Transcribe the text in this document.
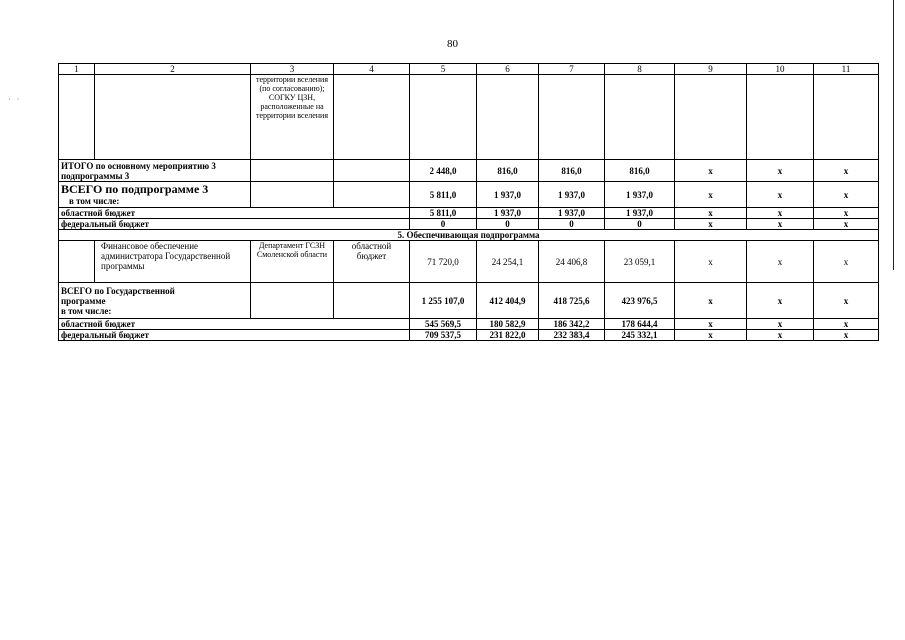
80
· ·
1	2	3	4	5	6	7	8	9	10	11
		территории вселения (по согласованию); СОГКУ ЦЗН, расположенные на территории вселения								
ИТОГО по основному мероприятию 3 подпрограммы 3				2 448,0	816,0	816,0	816,0	х	х	х

ВСЕГО по подпрограмме 3
в том числе:				5 811,0	1 937,0	1 937,0	1 937,0	х	х	х
областной бюджет				5 811,0	1 937,0	1 937,0	1 937,0	х	х	х
федеральный бюджет				0	0	0	0	х	х	х
5. Обеспечивающая подпрограмма										
	Финансовое обеспечение администратора Государственной программы	Департамент ГСЗН Смоленской области	областной бюджет	71 720,0	24 254,1	24 406,8	23 059,1	х	х	х

ВСЕГО по Государственной программе
в том числе:				1 255 107,0	412 404,9	418 725,6	423 976,5	х	х	х
областной бюджет				545 569,5	180 582,9	186 342,2	178 644,4	х	х	х
федеральный бюджет				709 537,5	231 822,0	232 383,4	245 332,1	х	х	х
